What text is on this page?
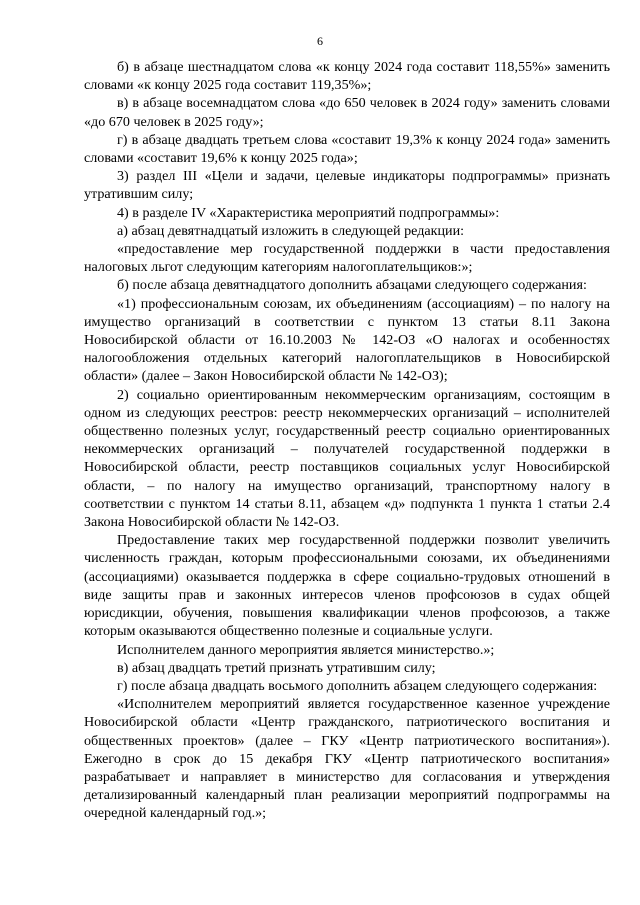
6

б) в абзаце шестнадцатом слова «к концу 2024 года составит 118,55%» заменить словами «к концу 2025 года составит 119,35%»;

в) в абзаце восемнадцатом слова «до 650 человек в 2024 году» заменить словами «до 670 человек в 2025 году»;

г) в абзаце двадцать третьем слова «составит 19,3% к концу 2024 года» заменить словами «составит 19,6% к концу 2025 года»;

3) раздел III «Цели и задачи, целевые индикаторы подпрограммы» признать утратившим силу;

4) в разделе IV «Характеристика мероприятий подпрограммы»:

а) абзац девятнадцатый изложить в следующей редакции:

«предоставление мер государственной поддержки в части предоставления налоговых льгот следующим категориям налогоплательщиков:»;

б) после абзаца девятнадцатого дополнить абзацами следующего содержания:

«1) профессиональным союзам, их объединениям (ассоциациям) – по налогу на имущество организаций в соответствии с пунктом 13 статьи 8.11 Закона Новосибирской области от 16.10.2003 № 142-ОЗ «О налогах и особенностях налогообложения отдельных категорий налогоплательщиков в Новосибирской области» (далее – Закон Новосибирской области № 142-ОЗ);

2) социально ориентированным некоммерческим организациям, состоящим в одном из следующих реестров: реестр некоммерческих организаций – исполнителей общественно полезных услуг, государственный реестр социально ориентированных некоммерческих организаций – получателей государственной поддержки в Новосибирской области, реестр поставщиков социальных услуг Новосибирской области, – по налогу на имущество организаций, транспортному налогу в соответствии с пунктом 14 статьи 8.11, абзацем «д» подпункта 1 пункта 1 статьи 2.4 Закона Новосибирской области № 142-ОЗ.

Предоставление таких мер государственной поддержки позволит увеличить численность граждан, которым профессиональными союзами, их объединениями (ассоциациями) оказывается поддержка в сфере социально-трудовых отношений в виде защиты прав и законных интересов членов профсоюзов в судах общей юрисдикции, обучения, повышения квалификации членов профсоюзов, а также которым оказываются общественно полезные и социальные услуги.

Исполнителем данного мероприятия является министерство.»;

в) абзац двадцать третий признать утратившим силу;

г) после абзаца двадцать восьмого дополнить абзацем следующего содержания:

«Исполнителем мероприятий является государственное казенное учреждение Новосибирской области «Центр гражданского, патриотического воспитания и общественных проектов» (далее – ГКУ «Центр патриотического воспитания»). Ежегодно в срок до 15 декабря ГКУ «Центр патриотического воспитания» разрабатывает и направляет в министерство для согласования и утверждения детализированный календарный план реализации мероприятий подпрограммы на очередной календарный год.»;
